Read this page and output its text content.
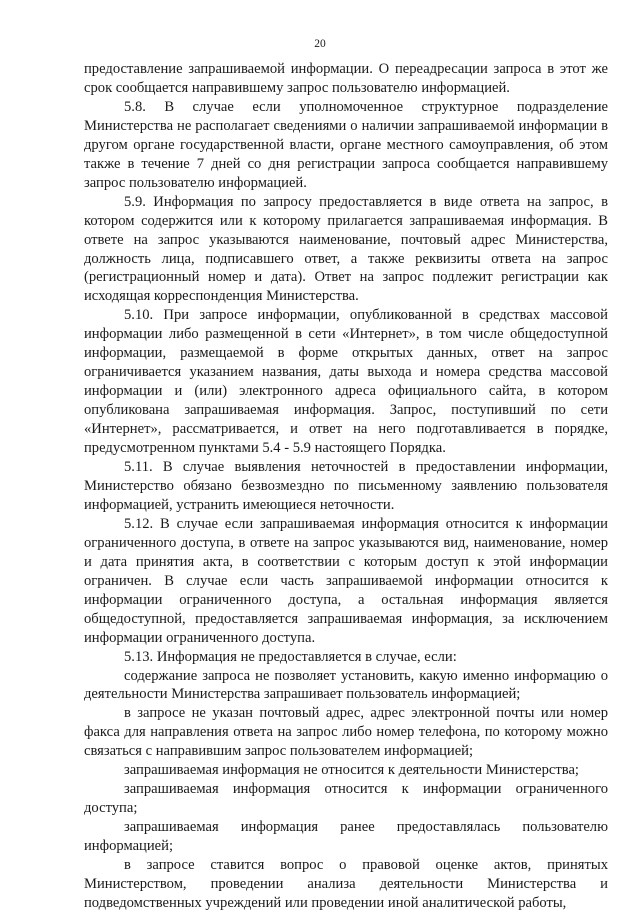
20

предоставление запрашиваемой информации. О переадресации запроса в этот же срок сообщается направившему запрос пользователю информацией.

5.8. В случае если уполномоченное структурное подразделение Министерства не располагает сведениями о наличии запрашиваемой информации в другом органе государственной власти, органе местного самоуправления, об этом также в течение 7 дней со дня регистрации запроса сообщается направившему запрос пользователю информацией.

5.9. Информация по запросу предоставляется в виде ответа на запрос, в котором содержится или к которому прилагается запрашиваемая информация. В ответе на запрос указываются наименование, почтовый адрес Министерства, должность лица, подписавшего ответ, а также реквизиты ответа на запрос (регистрационный номер и дата). Ответ на запрос подлежит регистрации как исходящая корреспонденция Министерства.

5.10. При запросе информации, опубликованной в средствах массовой информации либо размещенной в сети «Интернет», в том числе общедоступной информации, размещаемой в форме открытых данных, ответ на запрос ограничивается указанием названия, даты выхода и номера средства массовой информации и (или) электронного адреса официального сайта, в котором опубликована запрашиваемая информация. Запрос, поступивший по сети «Интернет», рассматривается, и ответ на него подготавливается в порядке, предусмотренном пунктами 5.4 - 5.9 настоящего Порядка.

5.11. В случае выявления неточностей в предоставлении информации, Министерство обязано безвозмездно по письменному заявлению пользователя информацией, устранить имеющиеся неточности.

5.12. В случае если запрашиваемая информация относится к информации ограниченного доступа, в ответе на запрос указываются вид, наименование, номер и дата принятия акта, в соответствии с которым доступ к этой информации ограничен. В случае если часть запрашиваемой информации относится к информации ограниченного доступа, а остальная информация является общедоступной, предоставляется запрашиваемая информация, за исключением информации ограниченного доступа.

5.13. Информация не предоставляется в случае, если:

содержание запроса не позволяет установить, какую именно информацию о деятельности Министерства запрашивает пользователь информацией;

в запросе не указан почтовый адрес, адрес электронной почты или номер факса для направления ответа на запрос либо номер телефона, по которому можно связаться с направившим запрос пользователем информацией;

запрашиваемая информация не относится к деятельности Министерства;

запрашиваемая информация относится к информации ограниченного доступа;

запрашиваемая информация ранее предоставлялась пользователю информацией;

в запросе ставится вопрос о правовой оценке актов, принятых Министерством, проведении анализа деятельности Министерства и подведомственных учреждений или проведении иной аналитической работы,
